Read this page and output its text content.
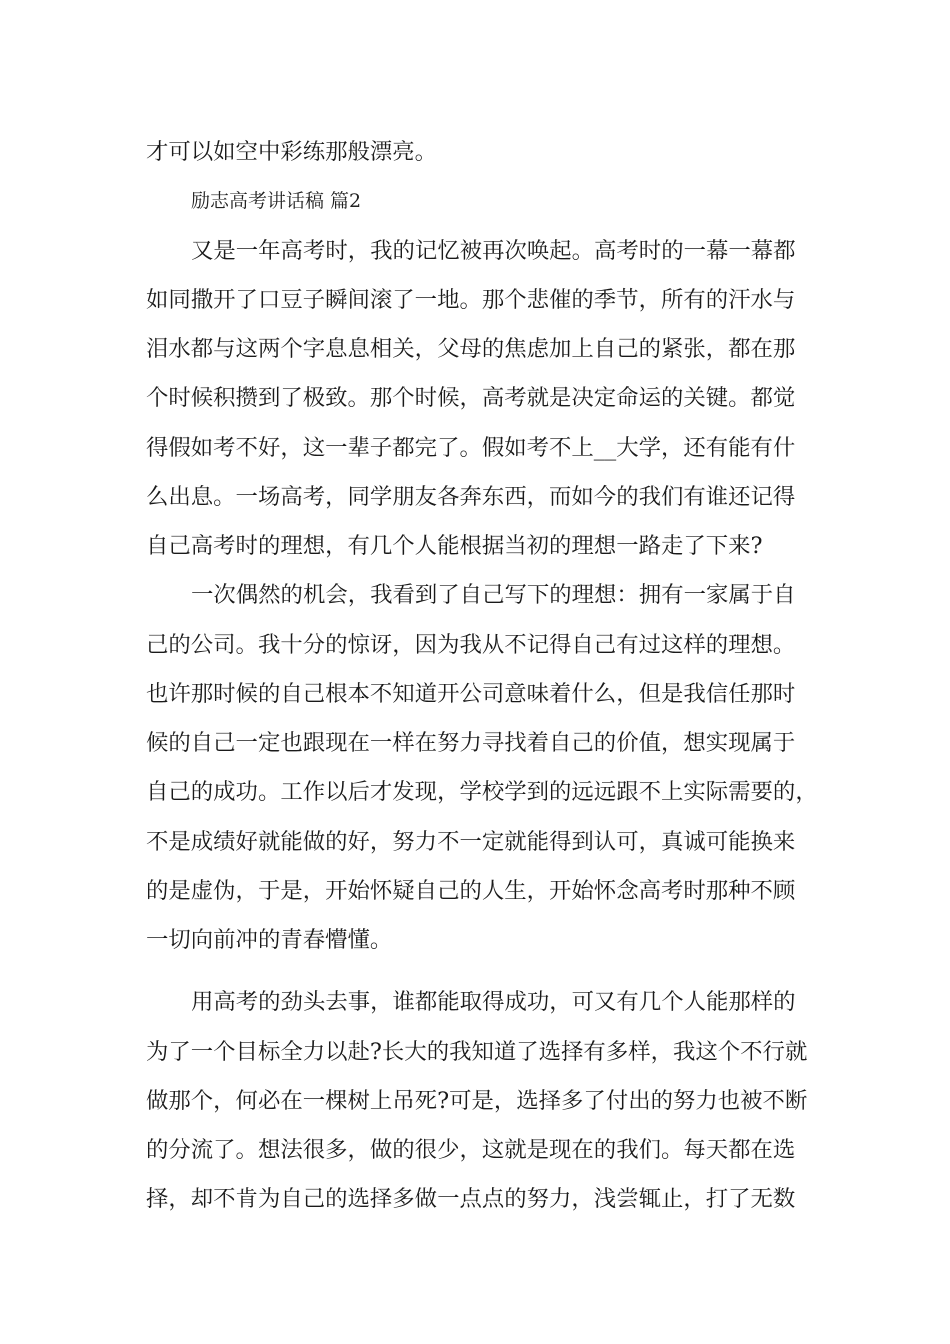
才可以如空中彩练那般漂亮。
励志高考讲话稿 篇2
又是一年高考时，我的记忆被再次唤起。高考时的一幕一幕都
如同撒开了口豆子瞬间滚了一地。那个悲催的季节，所有的汗水与
泪水都与这两个字息息相关，父母的焦虑加上自己的紧张，都在那
个时候积攒到了极致。那个时候，高考就是决定命运的关键。都觉
得假如考不好，这一辈子都完了。假如考不上__大学，还有能有什
么出息。一场高考，同学朋友各奔东西，而如今的我们有谁还记得
自己高考时的理想，有几个人能根据当初的理想一路走了下来?
一次偶然的机会，我看到了自己写下的理想：拥有一家属于自
己的公司。我十分的惊讶，因为我从不记得自己有过这样的理想。
也许那时候的自己根本不知道开公司意味着什么，但是我信任那时
候的自己一定也跟现在一样在努力寻找着自己的价值，想实现属于
自己的成功。工作以后才发现，学校学到的远远跟不上实际需要的，
不是成绩好就能做的好，努力不一定就能得到认可，真诚可能换来
的是虚伪，于是，开始怀疑自己的人生，开始怀念高考时那种不顾
一切向前冲的青春懵懂。
用高考的劲头去事，谁都能取得成功，可又有几个人能那样的
为了一个目标全力以赴?长大的我知道了选择有多样，我这个不行就
做那个，何必在一棵树上吊死?可是，选择多了付出的努力也被不断
的分流了。想法很多，做的很少，这就是现在的我们。每天都在选
择，却不肯为自己的选择多做一点点的努力，浅尝辄止，打了无数
